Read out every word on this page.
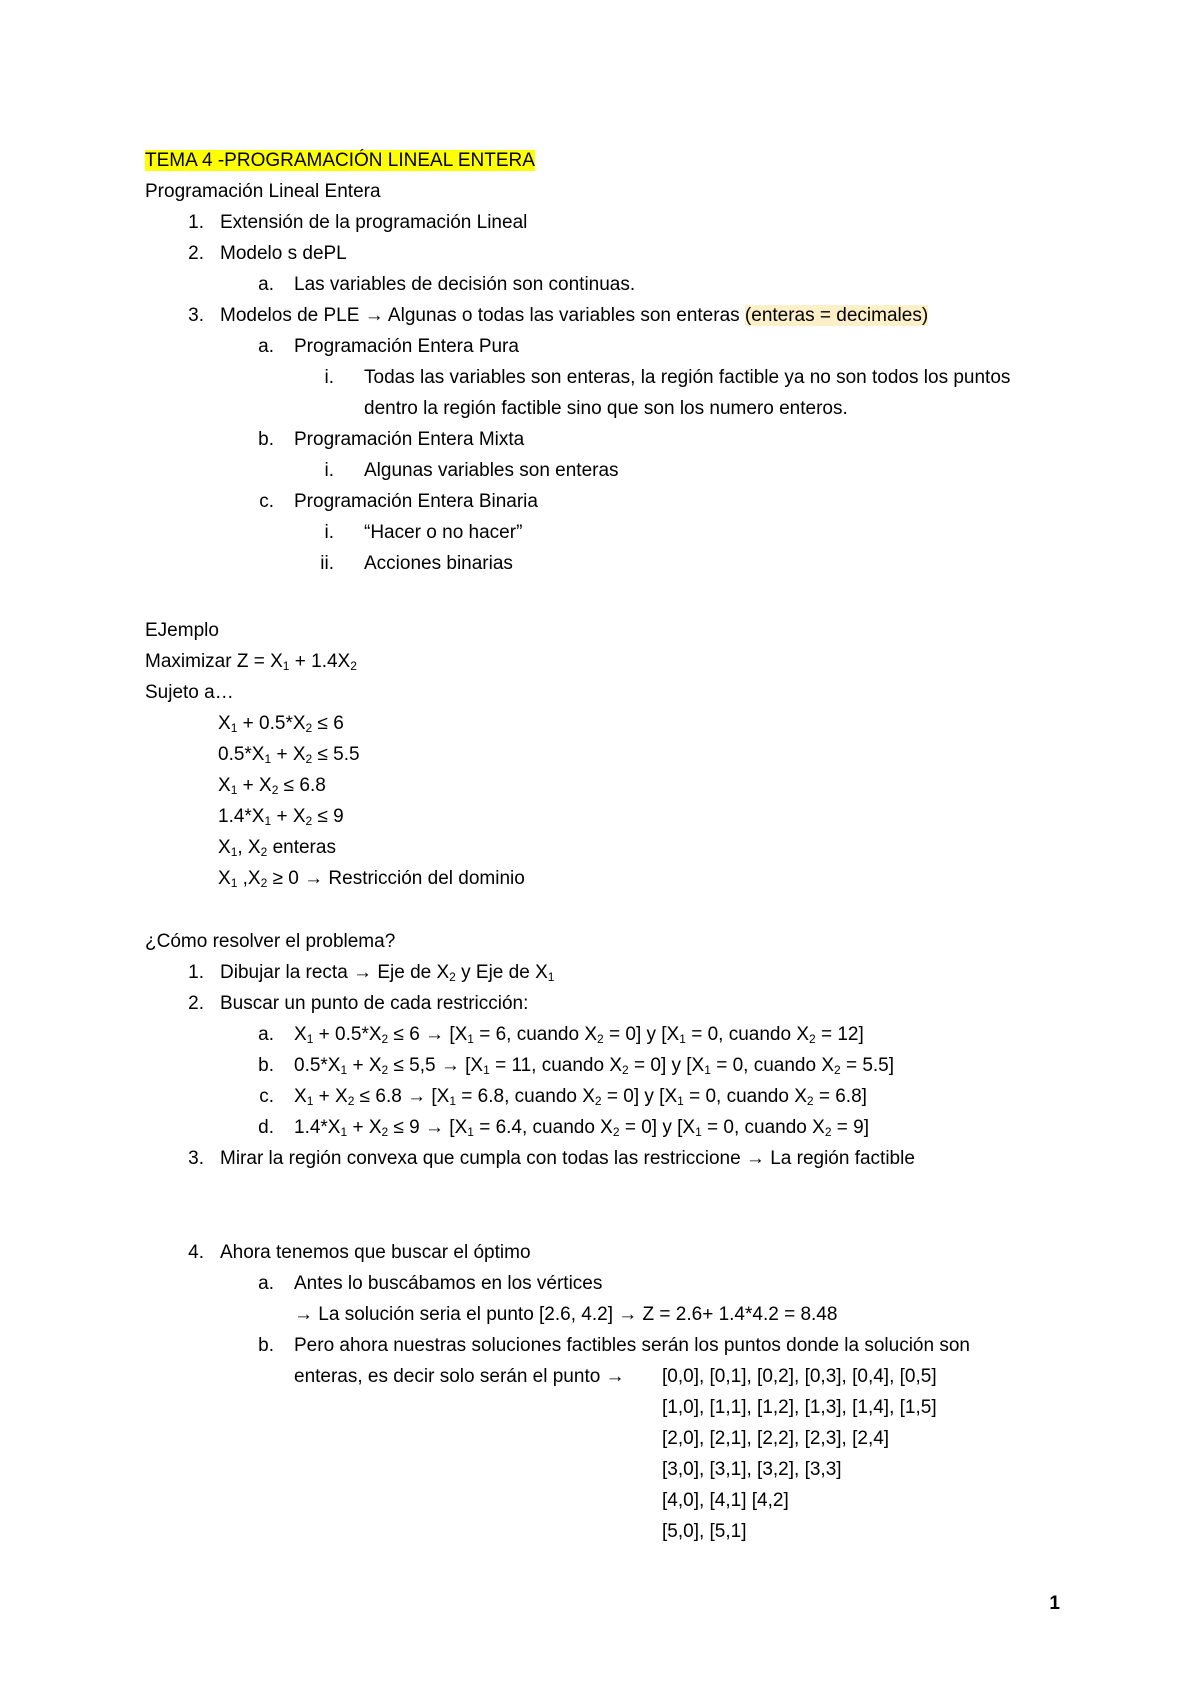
TEMA 4 -PROGRAMACIÓN LINEAL ENTERA
Programación Lineal Entera
1. Extensión de la programación Lineal
2. Modelo s dePL
a. Las variables de decisión son continuas.
3. Modelos de PLE → Algunas o todas las variables son enteras (enteras = decimales)
a. Programación Entera Pura
i. Todas las variables son enteras, la región factible ya no son todos los puntos
dentro la región factible sino que son los numero enteros.
b. Programación Entera Mixta
i. Algunas variables son enteras
c. Programación Entera Binaria
i. “Hacer o no hacer”
ii. Acciones binarias
EJemplo
Maximizar $Z = X_1 + 1.4X_2$
Sujeto a…
$X_1 + 0.5*X_2 \le 6$
$0.5*X_1 + X_2 \le 5.5$
$X_1 + X_2 \le 6.8$
$1.4*X_1 + X_2 \le 9$
$X_1$, $X_2$ enteras
$X_1$ $,X_2 \ge 0$ → Restricción del dominio
¿Cómo resolver el problema?
1. Dibujar la recta → Eje de $X_2$ y Eje de $X_1$
2. Buscar un punto de cada restricción:
a. $X_1 + 0.5*X_2 \le 6 \to [X_1 = 6$, cuando $X_2 = 0$] y [$X_1 = 0$, cuando $X_2 = 12$]
b. $0.5*X_1 + X_2 \le 5,5 \to [X_1 = 11$, cuando $X_2 = 0$] y [$X_1 = 0$, cuando $X_2 = 5.5$]
c. $X_1 + X_2 \le 6.8 \to [X_1 = 6.8$, cuando $X_2 = 0$] y [$X_1 = 0$, cuando $X_2 = 6.8$]
d. $1.4*X_1 + X_2 \le 9 \to [X_1 = 6.4$, cuando $X_2 = 0$] y [$X_1 = 0$, cuando $X_2 = 9$]
3. Mirar la región convexa que cumpla con todas las restriccione → La región factible
4. Ahora tenemos que buscar el óptimo
a. Antes lo buscábamos en los vértices
→ La solución seria el punto [2.6, 4.2] → Z = 2.6+ 1.4*4.2 = 8.48
b. Pero ahora nuestras soluciones factibles serán los puntos donde la solución son
enteras, es decir solo serán el punto → [0,0], [0,1], [0,2], [0,3], [0,4], [0,5]
[1,0], [1,1], [1,2], [1,3], [1,4], [1,5]
[2,0], [2,1], [2,2], [2,3], [2,4]
[3,0], [3,1], [3,2], [3,3]
[4,0], [4,1] [4,2]
[5,0], [5,1]
1
